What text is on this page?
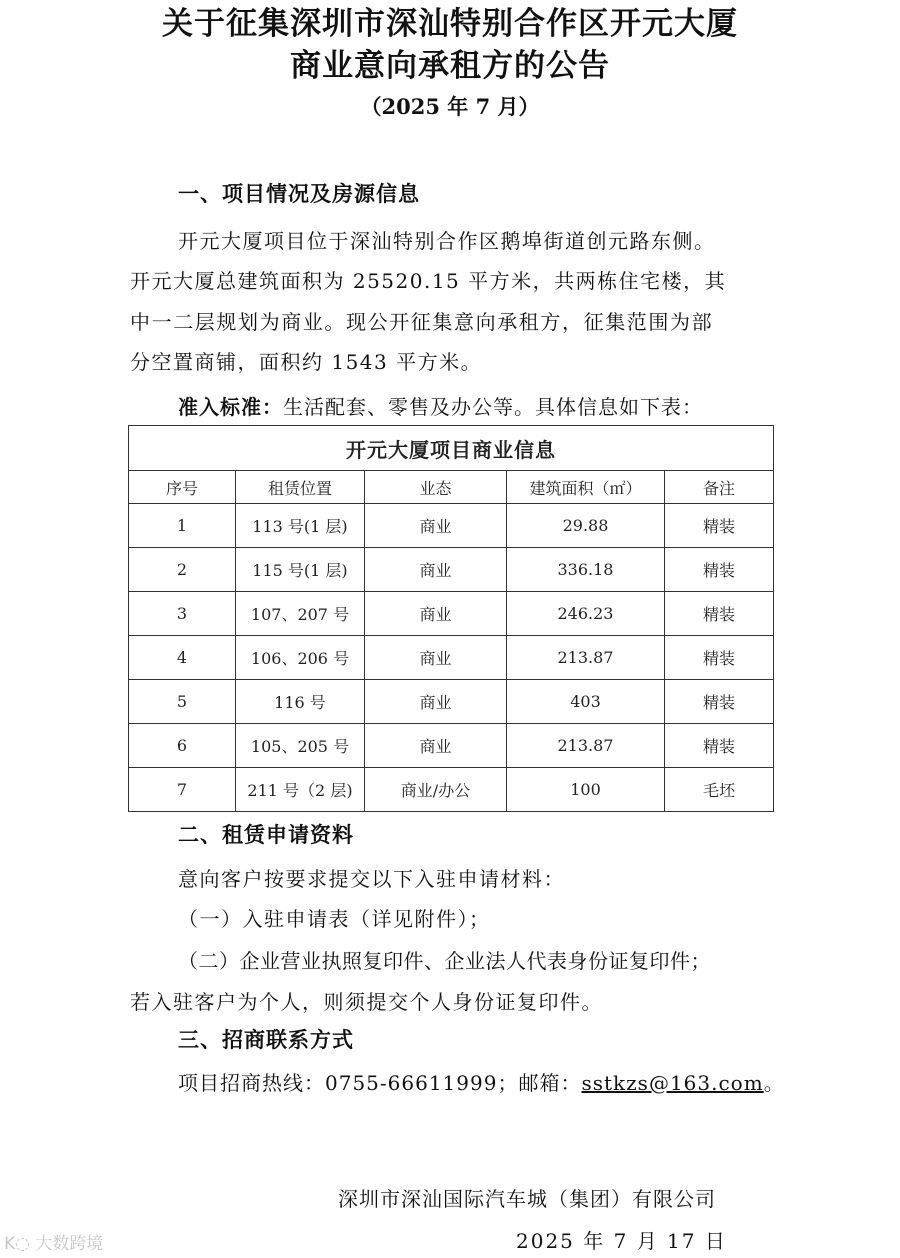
关于征集深圳市深汕特别合作区开元大厦
商业意向承租方的公告
（2025 年 7 月）
一、项目情况及房源信息
开元大厦项目位于深汕特别合作区鹅埠街道创元路东侧。
开元大厦总建筑面积为 25520.15 平方米，共两栋住宅楼，其
中一二层规划为商业。现公开征集意向承租方，征集范围为部
分空置商铺，面积约 1543 平方米。
准入标准：生活配套、零售及办公等。具体信息如下表：
开元大厦项目商业信息				
序号	租赁位置	业态	建筑面积（㎡）	备注
1	113 号(1 层)	商业	29.88	精装
2	115 号(1 层)	商业	336.18	精装
3	107、207 号	商业	246.23	精装
4	106、206 号	商业	213.87	精装
5	116 号	商业	403	精装
6	105、205 号	商业	213.87	精装
7	211 号（2 层)	商业/办公	100	毛坯
二、租赁申请资料
意向客户按要求提交以下入驻申请材料：
（一）入驻申请表（详见附件）；
（二）企业营业执照复印件、企业法人代表身份证复印件；
若入驻客户为个人，则须提交个人身份证复印件。
三、招商联系方式
项目招商热线：0755-66611999；邮箱：sstkzs@163.com。
深圳市深汕国际汽车城（集团）有限公司
2025 年 7 月 17 日
K◌ 大数跨境
